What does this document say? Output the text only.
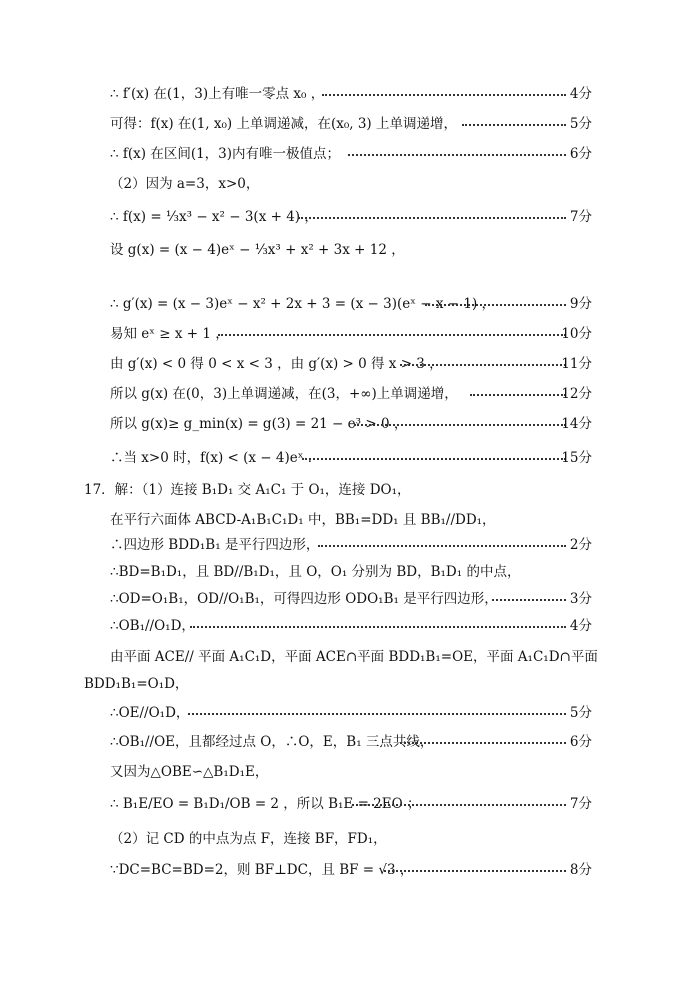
∴ f′(x) 在(1，3)上有唯一零点 x₀ ，	4分
可得：f(x) 在(1, x₀) 上单调递减，在(x₀, 3) 上单调递增，	5分
∴ f(x) 在区间(1，3)内有唯一极值点；	6分
（2）因为 a=3，x>0，
∴ f(x) = ⅓x³ − x² − 3(x + 4) ，	7分
设 g(x) = (x − 4)eˣ − ⅓x³ + x² + 3x + 12 ，
∴ g′(x) = (x − 3)eˣ − x² + 2x + 3 = (x − 3)(eˣ − x − 1) ，	9分
易知 eˣ ≥ x + 1 ，	10分
由 g′(x) < 0 得 0 < x < 3 ，由 g′(x) > 0 得 x > 3 ，	11分
所以 g(x) 在(0，3)上单调递减，在(3，+∞)上单调递增，	12分
所以 g(x)≥ g_min(x) = g(3) = 21 − e³ > 0 ，	14分
∴当 x>0 时，f(x) < (x − 4)eˣ ．	15分
17．解：（1）连接 B₁D₁ 交 A₁C₁ 于 O₁，连接 DO₁，
在平行六面体 ABCD-A₁B₁C₁D₁ 中，BB₁=DD₁ 且 BB₁//DD₁，
∴四边形 BDD₁B₁ 是平行四边形，	2分
∴BD=B₁D₁，且 BD//B₁D₁，且 O，O₁ 分别为 BD，B₁D₁ 的中点，
∴OD=O₁B₁，OD//O₁B₁，可得四边形 ODO₁B₁ 是平行四边形，	3分
∴OB₁//O₁D，	4分
由平面 ACE// 平面 A₁C₁D，平面 ACE∩平面 BDD₁B₁=OE，平面 A₁C₁D∩平面
BDD₁B₁=O₁D，
∴OE//O₁D，	5分
∴OB₁//OE，且都经过点 O，∴O，E，B₁ 三点共线，	6分
又因为△OBE∽△B₁D₁E，
∴ B₁E/EO = B₁D₁/OB = 2 ，所以 B₁E = 2EO ；	7分
（2）记 CD 的中点为点 F，连接 BF，FD₁，
∵DC=BC=BD=2，则 BF⊥DC，且 BF = √3 ，	8分
